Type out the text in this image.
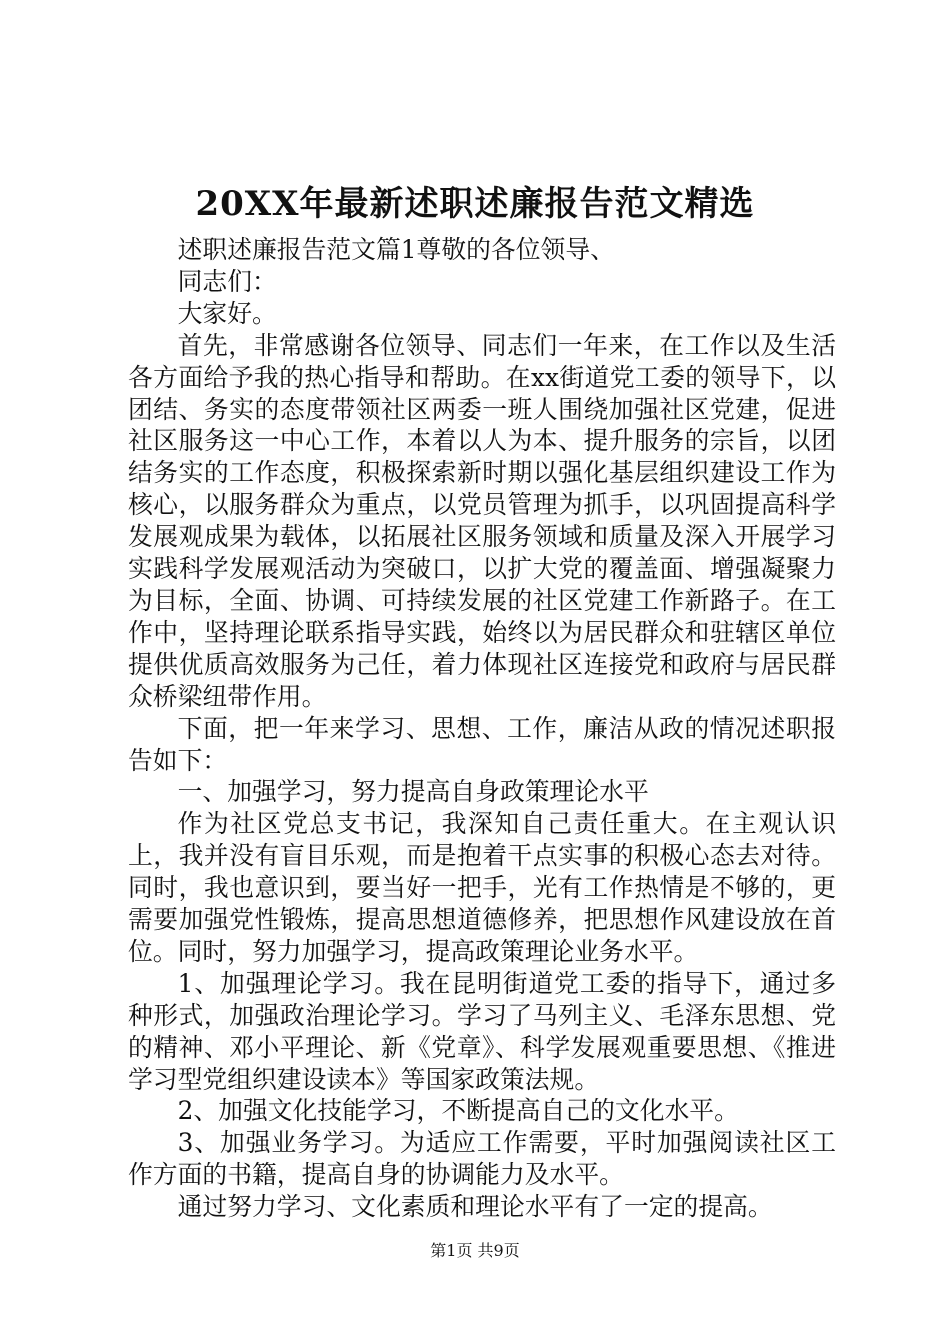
20XX年最新述职述廉报告范文精选

述职述廉报告范文篇1尊敬的各位领导、

同志们：

大家好。

首先，非常感谢各位领导、同志们一年来，在工作以及生活各方面给予我的热心指导和帮助。在xx街道党工委的领导下，以团结、务实的态度带领社区两委一班人围绕加强社区党建，促进社区服务这一中心工作，本着以人为本、提升服务的宗旨，以团结务实的工作态度，积极探索新时期以强化基层组织建设工作为核心，以服务群众为重点，以党员管理为抓手，以巩固提高科学发展观成果为载体，以拓展社区服务领域和质量及深入开展学习实践科学发展观活动为突破口，以扩大党的覆盖面、增强凝聚力为目标，全面、协调、可持续发展的社区党建工作新路子。在工作中，坚持理论联系指导实践，始终以为居民群众和驻辖区单位提供优质高效服务为己任，着力体现社区连接党和政府与居民群众桥梁纽带作用。

下面，把一年来学习、思想、工作，廉洁从政的情况述职报告如下：

一、加强学习，努力提高自身政策理论水平

作为社区党总支书记，我深知自己责任重大。在主观认识上，我并没有盲目乐观，而是抱着干点实事的积极心态去对待。同时，我也意识到，要当好一把手，光有工作热情是不够的，更需要加强党性锻炼，提高思想道德修养，把思想作风建设放在首位。同时，努力加强学习，提高政策理论业务水平。

1、加强理论学习。我在昆明街道党工委的指导下，通过多种形式，加强政治理论学习。学习了马列主义、毛泽东思想、党的精神、邓小平理论、新《党章》、科学发展观重要思想、《推进学习型党组织建设读本》等国家政策法规。

2、加强文化技能学习，不断提高自己的文化水平。

3、加强业务学习。为适应工作需要，平时加强阅读社区工作方面的书籍，提高自身的协调能力及水平。

通过努力学习、文化素质和理论水平有了一定的提高。

第1页 共9页
